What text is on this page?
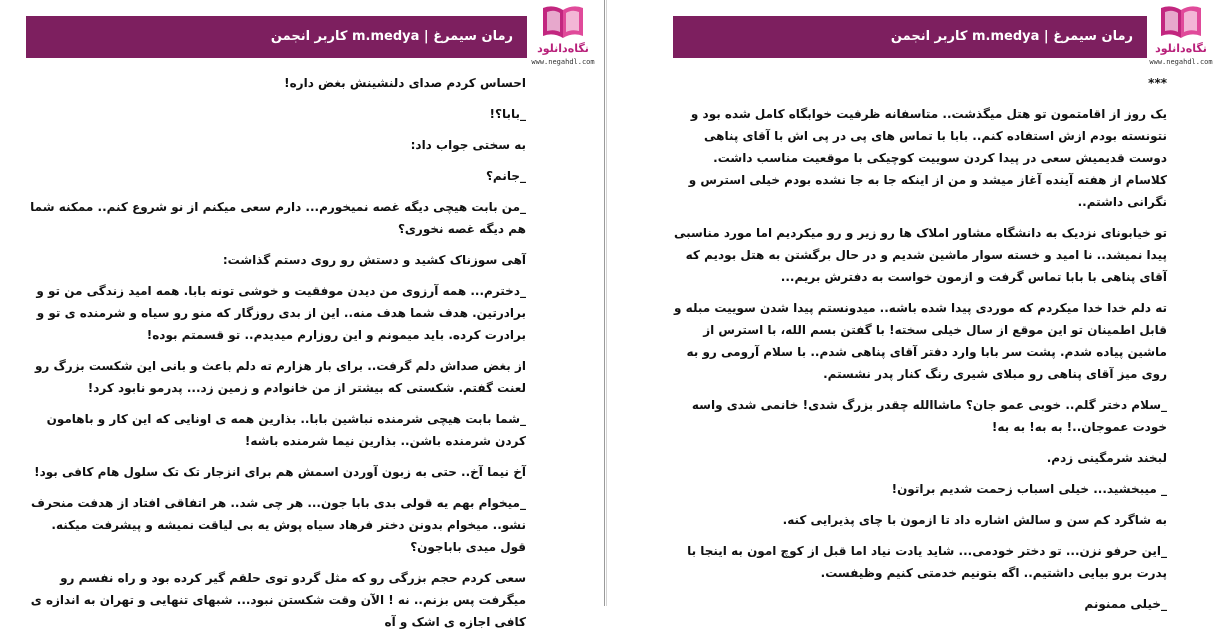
رمان سیمرغ | m.medya کاربر انجمن
نگاه‌دانلود
www.negahdl.com

احساس کردم صدای دلنشینش بغض داره!

_بابا؟!

به سختی جواب داد:

_جانم؟

_من بابت هیچی دیگه غصه نمیخورم... دارم سعی میکنم از نو شروع کنم.. ممکنه شما هم دیگه غصه نخوری؟

آهی سوزناک کشید و دستش رو روی دستم گذاشت:

_دخترم... همه آرزوی من دیدن موفقیت و خوشی تونه بابا. همه امید زندگی من تو و برادرتین. هدف شما هدف منه.. این از بدی روزگار که منو رو سیاه و شرمنده ی تو و برادرت کرده. باید میمونم و این روزارم میدیدم.. تو قسمتم بوده!

از بغض صداش دلم گرفت.. برای بار هزارم ته دلم باعث و بانی این شکست بزرگ رو لعنت گفتم. شکستی که بیشتر از من خانوادم و زمین زد... پدرمو نابود کرد!

_شما بابت هیچی شرمنده نباشین بابا.. بذارین همه ی اونایی که این کار و باهامون کردن شرمنده باشن.. بذارین نیما شرمنده باشه!

آخ نیما آخ.. حتی به زبون آوردن اسمش هم برای انزجار تک تک سلول هام کافی بود!

_میخوام بهم یه قولی بدی بابا جون... هر چی شد.. هر اتفاقی افتاد از هدفت منحرف نشو.. میخوام بدونن دختر فرهاد سیاه پوش یه بی لیاقت نمیشه و پیشرفت میکنه. قول میدی باباجون؟

سعی کردم حجم بزرگی رو که مثل گردو توی حلقم گیر کرده بود و راه نفسم رو میگرفت پس بزنم.. نه ! الآن وقت شکستن نبود... شبهای تنهایی و تهران به اندازه ی کافی اجازه ی اشک و آه

رمان سیمرغ | m.medya کاربر انجمن
نگاه‌دانلود
www.negahdl.com

***

یک روز از اقامتمون تو هتل میگذشت.. متاسفانه ظرفیت خوابگاه کامل شده بود و نتونسته بودم ازش استفاده کنم.. بابا با تماس های پی در پی اش با آقای پناهی دوست قدیمیش سعی در پیدا کردن سوییت کوچیکی با موقعیت مناسب داشت. کلاسام از هفته آینده آغاز میشد و من از اینکه جا به جا نشده بودم خیلی استرس و نگرانی داشتم..

تو خیابونای نزدیک به دانشگاه مشاور املاک ها رو زیر و رو میکردیم اما مورد مناسبی پیدا نمیشد.. نا امید و خسته سوار ماشین شدیم و در حال برگشتن به هتل بودیم که آقای پناهی با بابا تماس گرفت و ازمون خواست به دفترش بریم...

ته دلم خدا خدا میکردم که موردی پیدا شده باشه.. میدونستم پیدا شدن سوییت مبله و قابل اطمینان تو این موقع از سال خیلی سخته! با گفتن بسم الله، با استرس از ماشین پیاده شدم. پشت سر بابا وارد دفتر آقای پناهی شدم.. با سلام آرومی رو به روی میز آقای پناهی رو مبلای شیری رنگ کنار پدر نشستم.

_سلام دختر گلم.. خوبی عمو جان؟ ماشاالله چقدر بزرگ شدی! خانمی شدی واسه خودت عموجان..! به به! به به!

لبخند شرمگینی زدم.

_ میبخشید... خیلی اسباب زحمت شدیم براتون!

به شاگرد کم سن و سالش اشاره داد تا ازمون با چای پذیرایی کنه.

_این حرفو نزن... تو دختر خودمی... شاید یادت نیاد اما قبل از کوچ امون به اینجا با پدرت برو بیایی داشتیم.. اگه بتونیم خدمتی کنیم وظیفست.

_خیلی ممنونم
